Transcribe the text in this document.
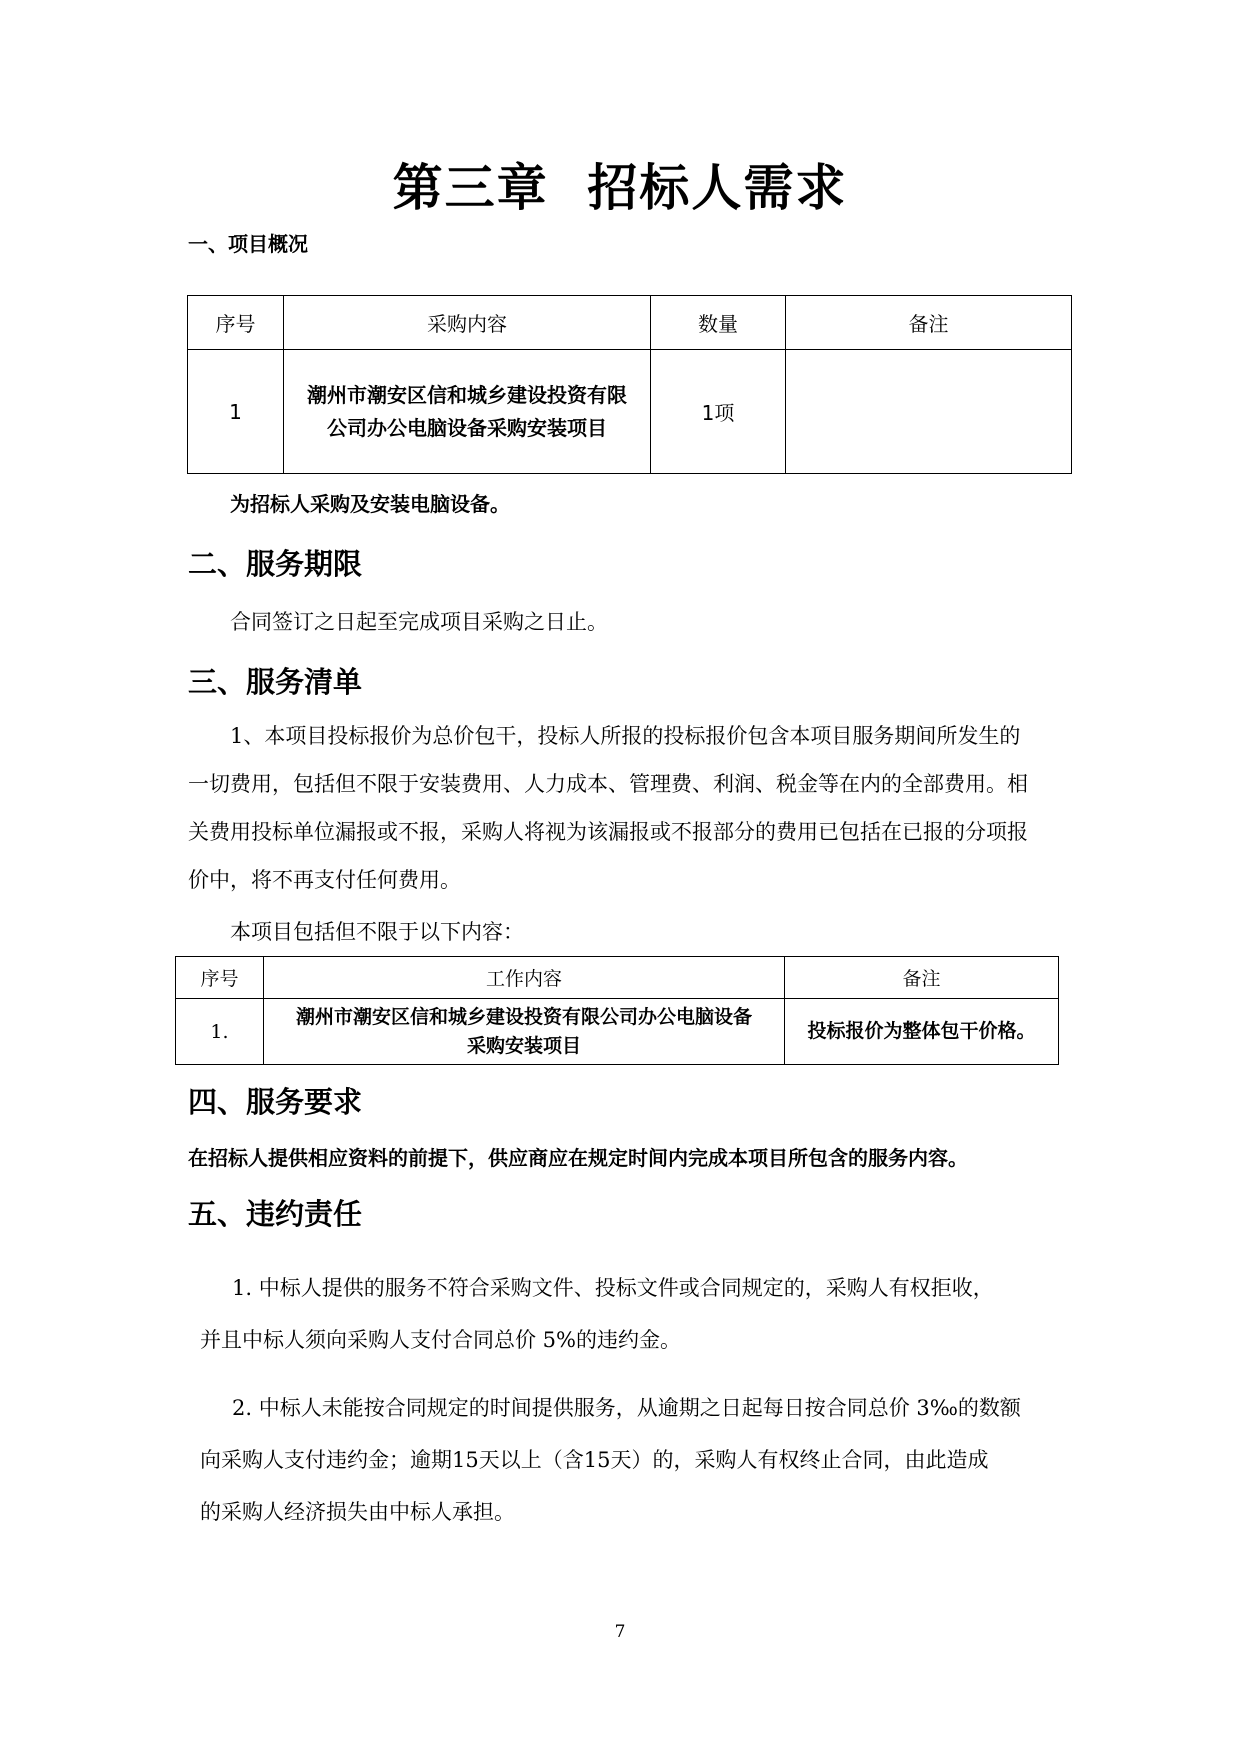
第三章  招标人需求
一、项目概况
序号	采购内容	数量	备注
1	潮州市潮安区信和城乡建设投资有限
公司办公电脑设备采购安装项目	1项	
为招标人采购及安装电脑设备。
二、服务期限
合同签订之日起至完成项目采购之日止。
三、服务清单
1、本项目投标报价为总价包干，投标人所报的投标报价包含本项目服务期间所发生的
一切费用，包括但不限于安装费用、人力成本、管理费、利润、税金等在内的全部费用。相
关费用投标单位漏报或不报，采购人将视为该漏报或不报部分的费用已包括在已报的分项报
价中，将不再支付任何费用。
本项目包括但不限于以下内容：
序号	工作内容	备注
1.	潮州市潮安区信和城乡建设投资有限公司办公电脑设备
采购安装项目	投标报价为整体包干价格。
四、服务要求
在招标人提供相应资料的前提下，供应商应在规定时间内完成本项目所包含的服务内容。
五、违约责任
1. 中标人提供的服务不符合采购文件、投标文件或合同规定的，采购人有权拒收，
并且中标人须向采购人支付合同总价 5%的违约金。
2. 中标人未能按合同规定的时间提供服务，从逾期之日起每日按合同总价 3‰的数额
向采购人支付违约金；逾期15天以上（含15天）的，采购人有权终止合同，由此造成
的采购人经济损失由中标人承担。
7
